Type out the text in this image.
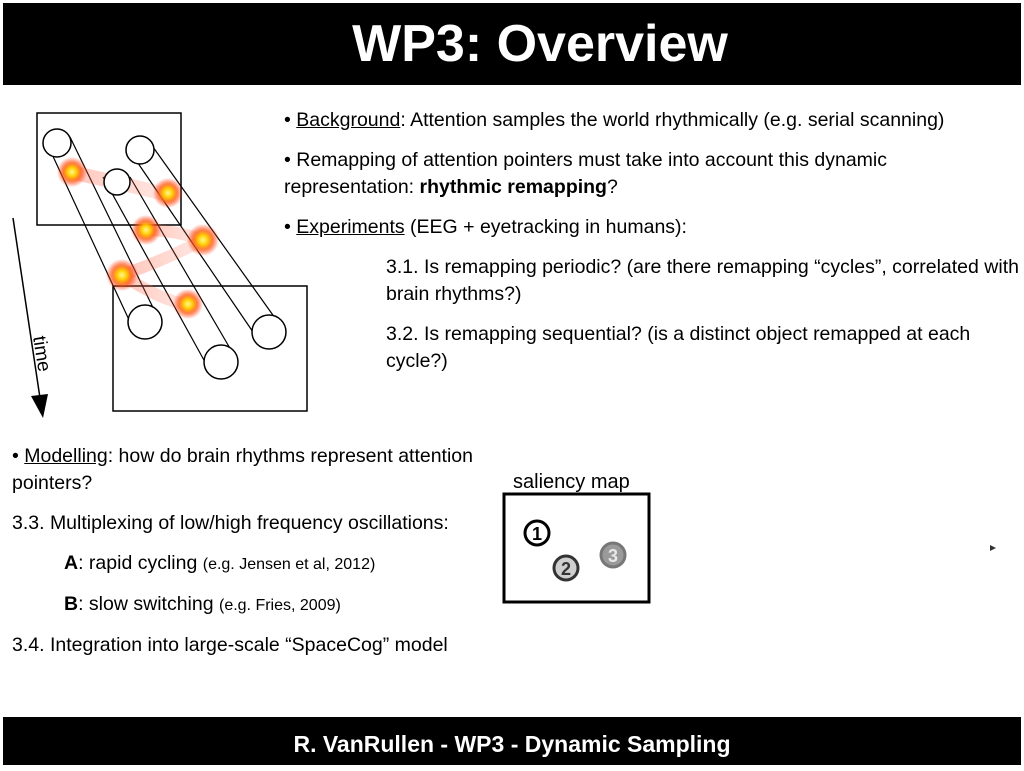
WP3: Overview
time

• Background: Attention samples the world rhythmically (e.g. serial scanning)

• Remapping of attention pointers must take into account this dynamic representation: rhythmic remapping?

• Experiments (EEG + eyetracking in humans):

3.1. Is remapping periodic? (are there remapping “cycles”, correlated with brain rhythms?)

3.2. Is remapping sequential? (is a distinct object remapped at each cycle?)

• Modelling: how do brain rhythms represent attention pointers?

3.3. Multiplexing of low/high frequency oscillations:

A: rapid cycling (e.g. Jensen et al, 2012)

B: slow switching (e.g. Fries, 2009)

3.4. Integration into large-scale “SpaceCog” model

saliency map
1
2
3
R. VanRullen - WP3 - Dynamic Sampling
